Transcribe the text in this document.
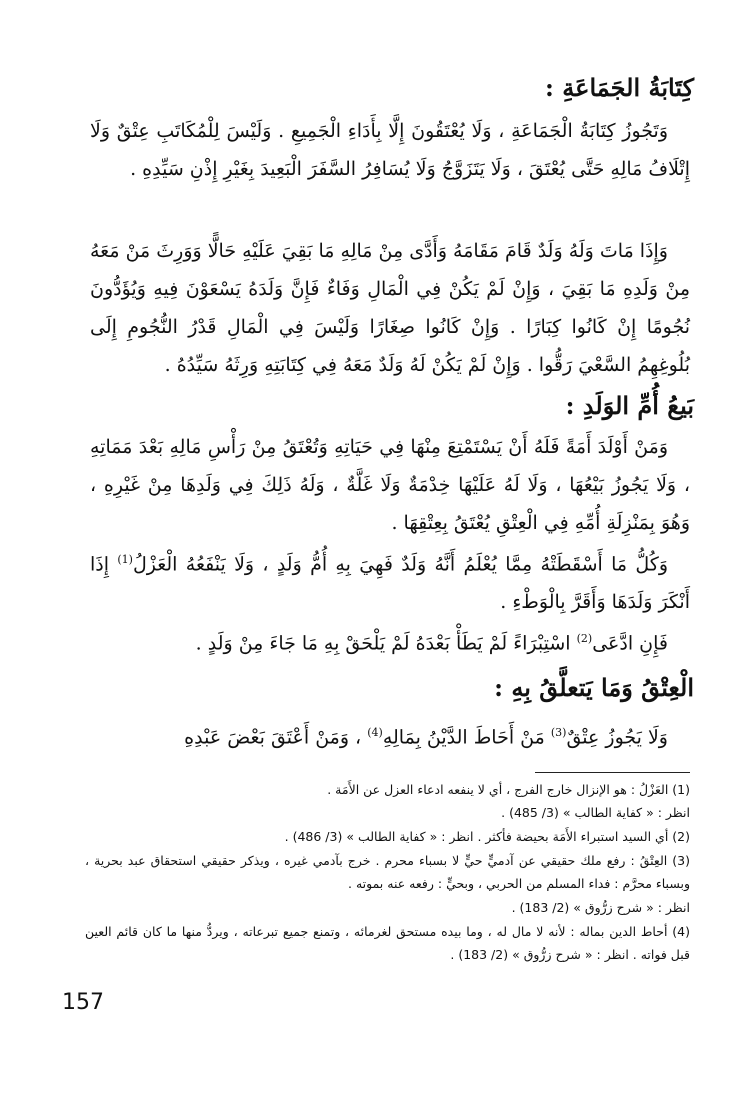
كِتَابَةُ الجَمَاعَةِ :

وَتَجُوزُ كِتَابَةُ الْجَمَاعَةِ ، وَلَا يُعْتَقُونَ إِلَّا بِأَدَاءِ الْجَمِيعِ . وَلَيْسَ لِلْمُكَاتَبِ عِتْقٌ وَلَا إِتْلَافُ مَالِهِ حَتَّى يُعْتَقَ ، وَلَا يَتَزَوَّجُ وَلَا يُسَافِرُ السَّفَرَ الْبَعِيدَ بِغَيْرِ إِذْنِ سَيِّدِهِ .

وَإِذَا مَاتَ وَلَهُ وَلَدٌ قَامَ مَقَامَهُ وَأَدَّى مِنْ مَالِهِ مَا بَقِيَ عَلَيْهِ حَالًّا وَوَرِثَ مَنْ مَعَهُ مِنْ وَلَدِهِ مَا بَقِيَ ، وَإِنْ لَمْ يَكُنْ فِي الْمَالِ وَفَاءٌ فَإِنَّ وَلَدَهُ يَسْعَوْنَ فِيهِ وَيُؤَدُّونَ نُجُومًا إِنْ كَانُوا كِبَارًا . وَإِنْ كَانُوا صِغَارًا وَلَيْسَ فِي الْمَالِ قَدْرُ النُّجُومِ إِلَى بُلُوغِهِمُ السَّعْيَ رَقُّوا . وَإِنْ لَمْ يَكُنْ لَهُ وَلَدٌ مَعَهُ فِي كِتَابَتِهِ وَرِثَهُ سَيِّدُهُ .

بَيعُ أُمِّ الوَلَدِ :

وَمَنْ أَوْلَدَ أَمَةً فَلَهُ أَنْ يَسْتَمْتِعَ مِنْهَا فِي حَيَاتِهِ وَتُعْتَقُ مِنْ رَأْسِ مَالِهِ بَعْدَ مَمَاتِهِ ، وَلَا يَجُوزُ بَيْعُهَا ، وَلَا لَهُ عَلَيْهَا خِدْمَةٌ وَلَا غَلَّةٌ ، وَلَهُ ذَلِكَ فِي وَلَدِهَا مِنْ غَيْرِهِ ، وَهُوَ بِمَنْزِلَةِ أُمِّهِ فِي الْعِتْقِ يُعْتَقُ بِعِتْقِهَا .

وَكُلُّ مَا أَسْقَطَتْهُ مِمَّا يُعْلَمُ أَنَّهُ وَلَدٌ فَهِيَ بِهِ أُمُّ وَلَدٍ ، وَلَا يَنْفَعُهُ الْعَزْلُ$^{(1)}$ إِذَا أَنْكَرَ وَلَدَهَا وَأَقَرَّ بِالْوَطْءِ .

فَإِنِ ادَّعَى$^{(2)}$ اسْتِبْرَاءً لَمْ يَطَأْ بَعْدَهُ لَمْ يَلْحَقْ بِهِ مَا جَاءَ مِنْ وَلَدٍ .

الْعِتْقُ وَمَا يَتعلَّقُ بِهِ :

وَلَا يَجُوزُ عِتْقٌ$^{(3)}$ مَنْ أَحَاطَ الدَّيْنُ بِمَالِهِ$^{(4)}$ ، وَمَنْ أَعْتَقَ بَعْضَ عَبْدِهِ

(1) العَزْلُ : هو الإنزال خارج الفرج ، أي لا ينفعه ادعاء العزل عن الأَمَة .

انظر : « كفاية الطالب » (3/ 485) .

(2) أي السيد استبراء الأَمَة بحيضة فأكثر . انظر : « كفاية الطالب » (3/ 486) .

(3) العِتْقُ : رفع ملك حقيقي عن آدميٍّ حيٍّ لا بسباء محرم . خرج بآدمي غيره ، ويذكر حقيقي استحقاق عبد بحرية ، وبسباء محرَّم : فداء المسلم من الحربي ، وبحيٍّ : رفعه عنه بموته .

انظر : « شرح زرُّوق » (2/ 183) .

(4) أحاط الدين بماله : لأنه لا مال له ، وما بيده مستحق لغرمائه ، وتمنع جميع تبرعاته ، ويردُّ منها ما كان قائم العين قبل فواته . انظر : « شرح زرُّوق » (2/ 183) .

157
